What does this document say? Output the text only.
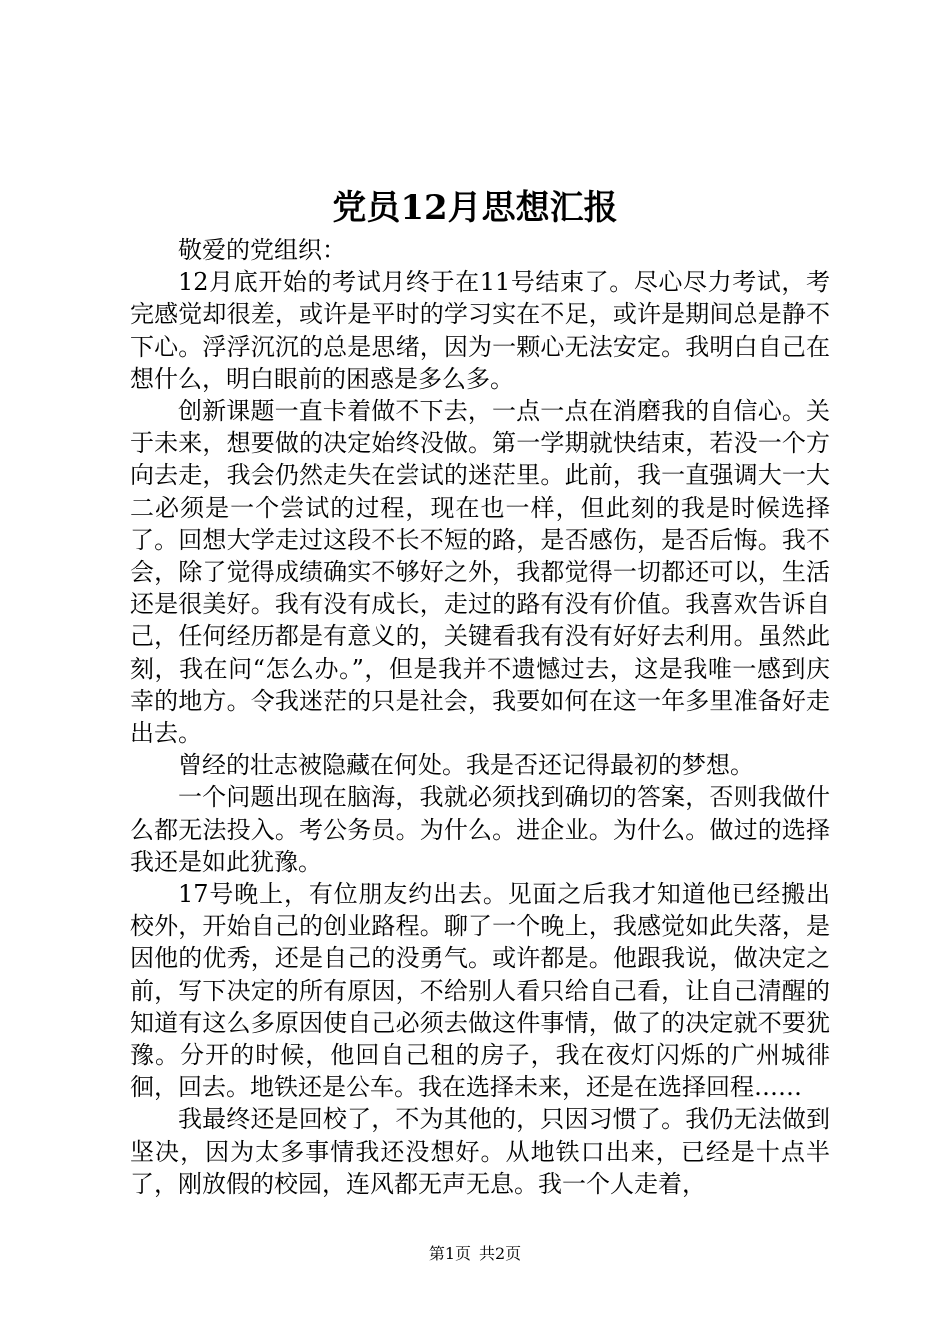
党员12月思想汇报

敬爱的党组织：

12月底开始的考试月终于在11号结束了。尽心尽力考试，考完感觉却很差，或许是平时的学习实在不足，或许是期间总是静不下心。浮浮沉沉的总是思绪，因为一颗心无法安定。我明白自己在想什么，明白眼前的困惑是多么多。

创新课题一直卡着做不下去，一点一点在消磨我的自信心。关于未来，想要做的决定始终没做。第一学期就快结束，若没一个方向去走，我会仍然走失在尝试的迷茫里。此前，我一直强调大一大二必须是一个尝试的过程，现在也一样，但此刻的我是时候选择了。回想大学走过这段不长不短的路，是否感伤，是否后悔。我不会，除了觉得成绩确实不够好之外，我都觉得一切都还可以，生活还是很美好。我有没有成长，走过的路有没有价值。我喜欢告诉自己，任何经历都是有意义的，关键看我有没有好好去利用。虽然此刻，我在问“怎么办。”，但是我并不遗憾过去，这是我唯一感到庆幸的地方。令我迷茫的只是社会，我要如何在这一年多里准备好走出去。

曾经的壮志被隐藏在何处。我是否还记得最初的梦想。

一个问题出现在脑海，我就必须找到确切的答案，否则我做什么都无法投入。考公务员。为什么。进企业。为什么。做过的选择我还是如此犹豫。

17号晚上，有位朋友约出去。见面之后我才知道他已经搬出校外，开始自己的创业路程。聊了一个晚上，我感觉如此失落，是因他的优秀，还是自己的没勇气。或许都是。他跟我说，做决定之前，写下决定的所有原因，不给别人看只给自己看，让自己清醒的知道有这么多原因使自己必须去做这件事情，做了的决定就不要犹豫。分开的时候，他回自己租的房子，我在夜灯闪烁的广州城徘徊，回去。地铁还是公车。我在选择未来，还是在选择回程……

我最终还是回校了，不为其他的，只因习惯了。我仍无法做到坚决，因为太多事情我还没想好。从地铁口出来，已经是十点半了，刚放假的校园，连风都无声无息。我一个人走着，

第1页 共2页
